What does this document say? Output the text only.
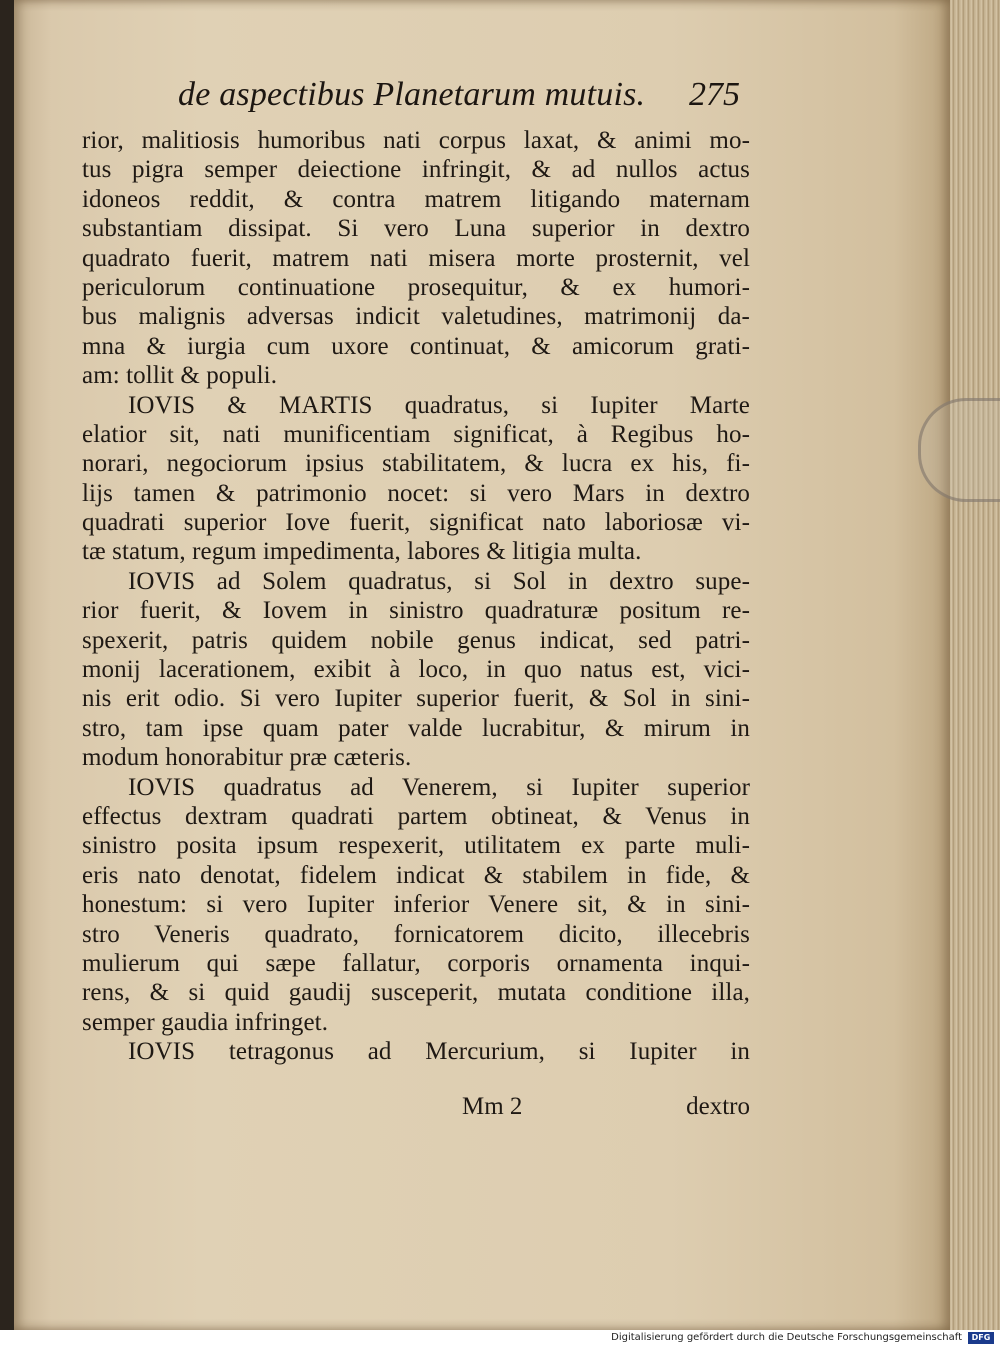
de aspectibus Planetarum mutuis. 275
rior, malitiosis humoribus nati corpus laxat, & animi mo-
tus pigra semper deiectione infringit, & ad nullos actus
idoneos reddit, & contra matrem litigando maternam
substantiam dissipat. Si vero Luna superior in dextro
quadrato fuerit, matrem nati misera morte prosternit, vel
periculorum continuatione prosequitur, & ex humori-
bus malignis adversas indicit valetudines, matrimonij da-
mna & iurgia cum uxore continuat, & amicorum grati-
am: tollit & populi.
IOVIS & MARTIS quadratus, si Iupiter Marte
elatior sit, nati munificentiam significat, à Regibus ho-
norari, negociorum ipsius stabilitatem, & lucra ex his, fi-
lijs tamen & patrimonio nocet: si vero Mars in dextro
quadrati superior Iove fuerit, significat nato laboriosæ vi-
tæ statum, regum impedimenta, labores & litigia multa.
IOVIS ad Solem quadratus, si Sol in dextro supe-
rior fuerit, & Iovem in sinistro quadraturæ positum re-
spexerit, patris quidem nobile genus indicat, sed patri-
monij lacerationem, exibit à loco, in quo natus est, vici-
nis erit odio. Si vero Iupiter superior fuerit, & Sol in sini-
stro, tam ipse quam pater valde lucrabitur, & mirum in
modum honorabitur præ cæteris.
IOVIS quadratus ad Venerem, si Iupiter superior
effectus dextram quadrati partem obtineat, & Venus in
sinistro posita ipsum respexerit, utilitatem ex parte muli-
eris nato denotat, fidelem indicat & stabilem in fide, &
honestum: si vero Iupiter inferior Venere sit, & in sini-
stro Veneris quadrato, fornicatorem dicito, illecebris
mulierum qui sæpe fallatur, corporis ornamenta inqui-
rens, & si quid gaudij susceperit, mutata conditione illa,
semper gaudia infringet.
IOVIS tetragonus ad Mercurium, si Iupiter in
Mm 2	dextro
Digitalisierung gefördert durch die Deutsche Forschungsgemeinschaft	DFG
